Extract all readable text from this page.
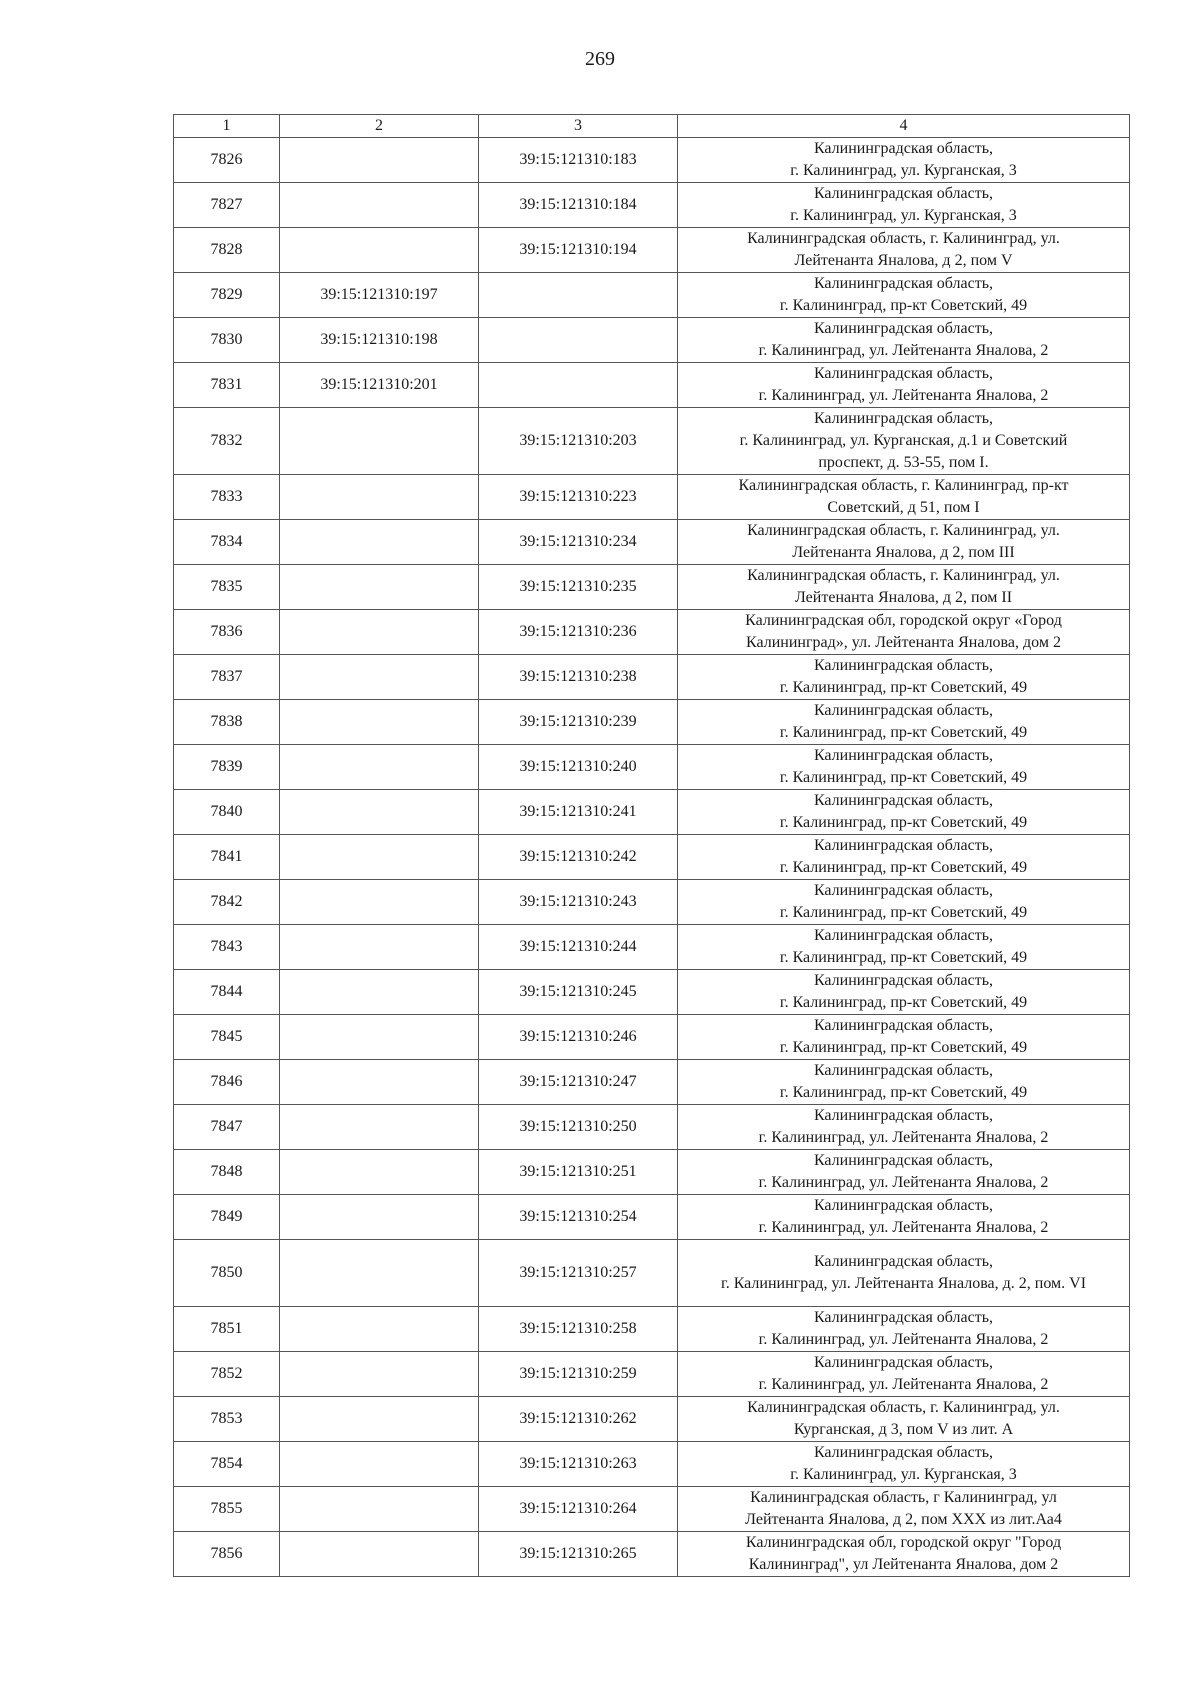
269
1	2	3	4
7826		39:15:121310:183	Калининградская область,
г. Калининград, ул. Курганская, 3
7827		39:15:121310:184	Калининградская область,
г. Калининград, ул. Курганская, 3
7828		39:15:121310:194	Калининградская область, г. Калининград, ул.
Лейтенанта Яналова, д 2, пом V
7829	39:15:121310:197		Калининградская область,
г. Калининград, пр-кт Советский, 49
7830	39:15:121310:198		Калининградская область,
г. Калининград, ул. Лейтенанта Яналова, 2
7831	39:15:121310:201		Калининградская область,
г. Калининград, ул. Лейтенанта Яналова, 2
7832		39:15:121310:203	Калининградская область,
г. Калининград, ул. Курганская, д.1 и Советский
проспект, д. 53-55, пом I.
7833		39:15:121310:223	Калининградская область, г. Калининград, пр-кт
Советский, д 51, пом I
7834		39:15:121310:234	Калининградская область, г. Калининград, ул.
Лейтенанта Яналова, д 2, пом III
7835		39:15:121310:235	Калининградская область, г. Калининград, ул.
Лейтенанта Яналова, д 2, пом II
7836		39:15:121310:236	Калининградская обл, городской округ «Город
Калининград», ул. Лейтенанта Яналова, дом 2
7837		39:15:121310:238	Калининградская область,
г. Калининград, пр-кт Советский, 49
7838		39:15:121310:239	Калининградская область,
г. Калининград, пр-кт Советский, 49
7839		39:15:121310:240	Калининградская область,
г. Калининград, пр-кт Советский, 49
7840		39:15:121310:241	Калининградская область,
г. Калининград, пр-кт Советский, 49
7841		39:15:121310:242	Калининградская область,
г. Калининград, пр-кт Советский, 49
7842		39:15:121310:243	Калининградская область,
г. Калининград, пр-кт Советский, 49
7843		39:15:121310:244	Калининградская область,
г. Калининград, пр-кт Советский, 49
7844		39:15:121310:245	Калининградская область,
г. Калининград, пр-кт Советский, 49
7845		39:15:121310:246	Калининградская область,
г. Калининград, пр-кт Советский, 49
7846		39:15:121310:247	Калининградская область,
г. Калининград, пр-кт Советский, 49
7847		39:15:121310:250	Калининградская область,
г. Калининград, ул. Лейтенанта Яналова, 2
7848		39:15:121310:251	Калининградская область,
г. Калининград, ул. Лейтенанта Яналова, 2
7849		39:15:121310:254	Калининградская область,
г. Калининград, ул. Лейтенанта Яналова, 2
7850		39:15:121310:257	Калининградская область,
г. Калининград, ул. Лейтенанта Яналова, д. 2, пом. VI
7851		39:15:121310:258	Калининградская область,
г. Калининград, ул. Лейтенанта Яналова, 2
7852		39:15:121310:259	Калининградская область,
г. Калининград, ул. Лейтенанта Яналова, 2
7853		39:15:121310:262	Калининградская область, г. Калининград, ул.
Курганская, д 3, пом V из лит. А
7854		39:15:121310:263	Калининградская область,
г. Калининград, ул. Курганская, 3
7855		39:15:121310:264	Калининградская область, г Калининград, ул
Лейтенанта Яналова, д 2, пом XXX из лит.Аа4
7856		39:15:121310:265	Калининградская обл, городской округ "Город
Калининград", ул Лейтенанта Яналова, дом 2
